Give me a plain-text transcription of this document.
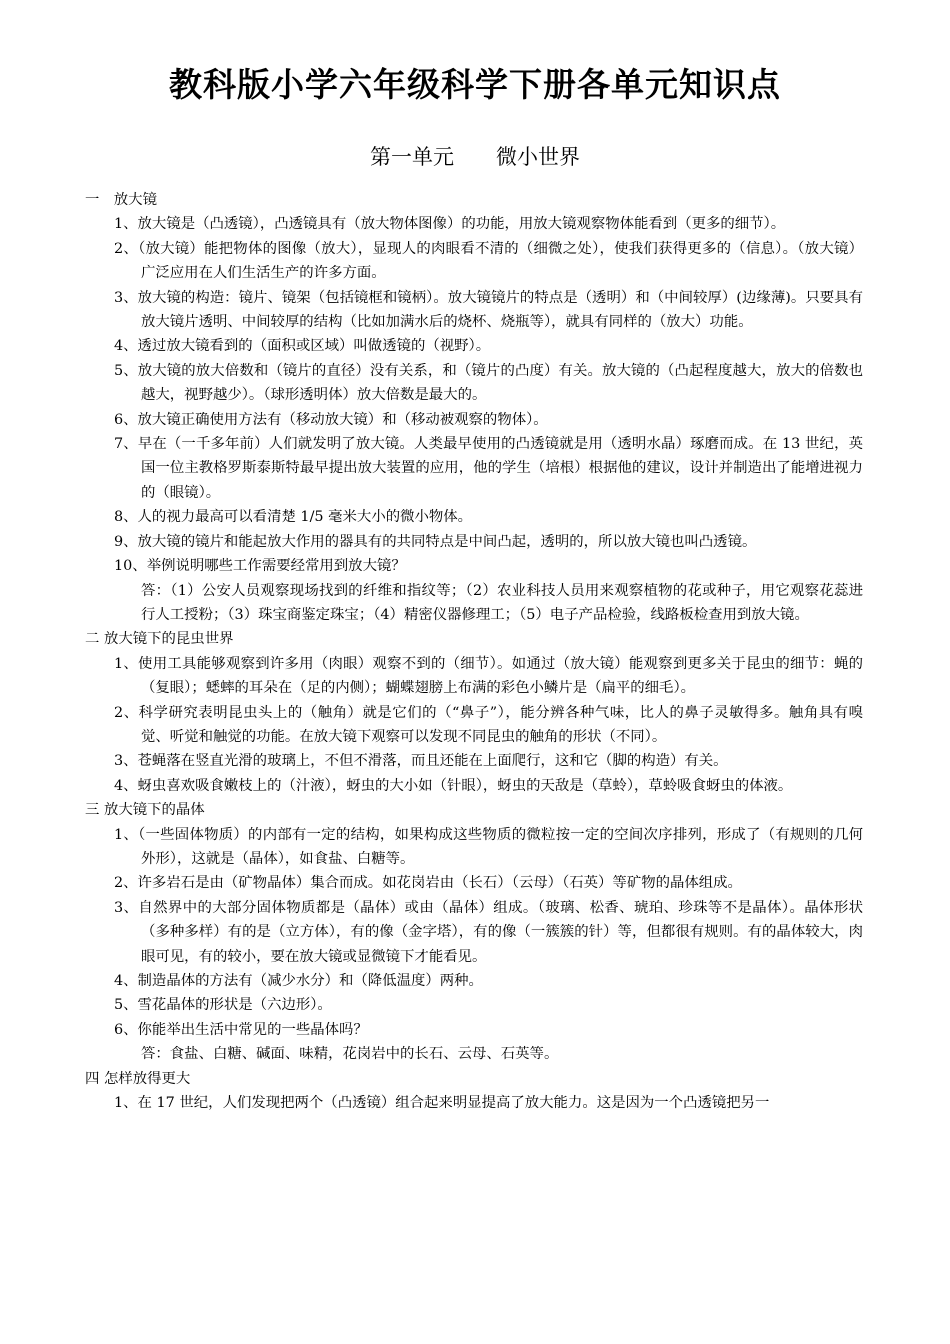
教科版小学六年级科学下册各单元知识点
第一单元　　微小世界
一　放大镜
1、放大镜是（凸透镜），凸透镜具有（放大物体图像）的功能，用放大镜观察物体能看到（更多的细节）。
2、（放大镜）能把物体的图像（放大），显现人的肉眼看不清的（细微之处），使我们获得更多的（信息）。（放大镜）广泛应用在人们生活生产的许多方面。
3、放大镜的构造：镜片、镜架（包括镜框和镜柄）。放大镜镜片的特点是（透明）和（中间较厚）(边缘薄)。只要具有放大镜片透明、中间较厚的结构（比如加满水后的烧杯、烧瓶等），就具有同样的（放大）功能。
4、透过放大镜看到的（面积或区域）叫做透镜的（视野）。
5、放大镜的放大倍数和（镜片的直径）没有关系，和（镜片的凸度）有关。放大镜的（凸起程度越大，放大的倍数也越大，视野越少）。（球形透明体）放大倍数是最大的。
6、放大镜正确使用方法有（移动放大镜）和（移动被观察的物体）。
7、早在（一千多年前）人们就发明了放大镜。人类最早使用的凸透镜就是用（透明水晶）琢磨而成。在 13 世纪，英国一位主教格罗斯泰斯特最早提出放大装置的应用，他的学生（培根）根据他的建议，设计并制造出了能增进视力的（眼镜）。
8、人的视力最高可以看清楚 1/5 毫米大小的微小物体。
9、放大镜的镜片和能起放大作用的器具有的共同特点是中间凸起，透明的，所以放大镜也叫凸透镜。
10、举例说明哪些工作需要经常用到放大镜？
答：（1）公安人员观察现场找到的纤维和指纹等；（2）农业科技人员用来观察植物的花或种子，用它观察花蕊进行人工授粉；（3）珠宝商鉴定珠宝；（4）精密仪器修理工；（5）电子产品检验，线路板检查用到放大镜。
二 放大镜下的昆虫世界
1、使用工具能够观察到许多用（肉眼）观察不到的（细节）。如通过（放大镜）能观察到更多关于昆虫的细节：蝇的（复眼）；蟋蟀的耳朵在（足的内侧）；蝴蝶翅膀上布满的彩色小鳞片是（扁平的细毛）。
2、科学研究表明昆虫头上的（触角）就是它们的（“鼻子”），能分辨各种气味，比人的鼻子灵敏得多。触角具有嗅觉、听觉和触觉的功能。在放大镜下观察可以发现不同昆虫的触角的形状（不同）。
3、苍蝇落在竖直光滑的玻璃上，不但不滑落，而且还能在上面爬行，这和它（脚的构造）有关。
4、蚜虫喜欢吸食嫩枝上的（汁液），蚜虫的大小如（针眼），蚜虫的天敌是（草蛉），草蛉吸食蚜虫的体液。
三 放大镜下的晶体
1、（一些固体物质）的内部有一定的结构，如果构成这些物质的微粒按一定的空间次序排列，形成了（有规则的几何外形），这就是（晶体），如食盐、白糖等。
2、许多岩石是由（矿物晶体）集合而成。如花岗岩由（长石）（云母）（石英）等矿物的晶体组成。
3、自然界中的大部分固体物质都是（晶体）或由（晶体）组成。（玻璃、松香、琥珀、珍珠等不是晶体）。晶体形状（多种多样）有的是（立方体），有的像（金字塔），有的像（一簇簇的针）等，但都很有规则。有的晶体较大，肉眼可见，有的较小，要在放大镜或显微镜下才能看见。
4、制造晶体的方法有（减少水分）和（降低温度）两种。
5、雪花晶体的形状是（六边形）。
6、你能举出生活中常见的一些晶体吗？
答：食盐、白糖、碱面、味精，花岗岩中的长石、云母、石英等。
四 怎样放得更大
1、在 17 世纪，人们发现把两个（凸透镜）组合起来明显提高了放大能力。这是因为一个凸透镜把另一
